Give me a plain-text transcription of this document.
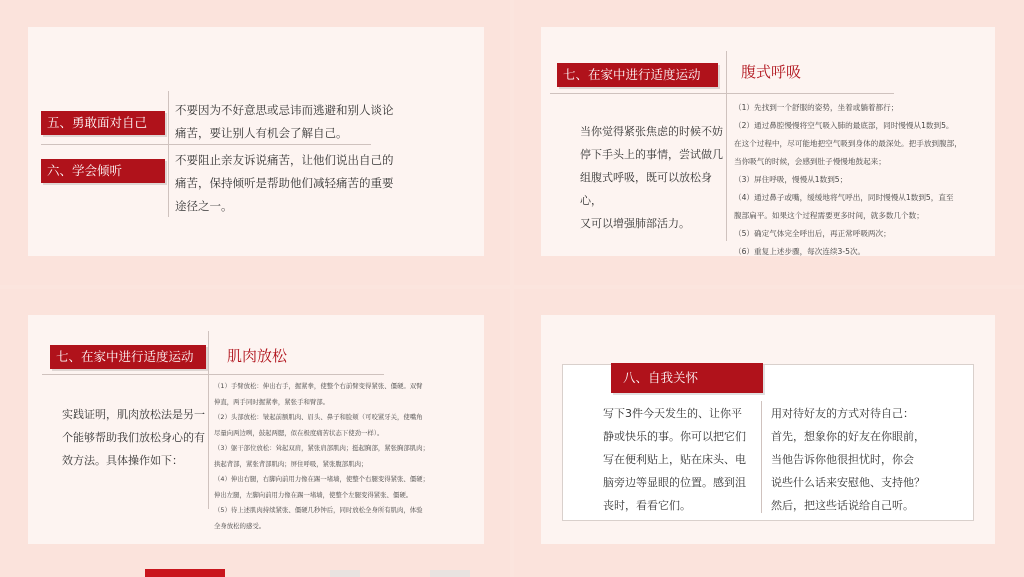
五、勇敢面对自己
六、学会倾听
不要因为不好意思或忌讳而逃避和别人谈论
痛苦，要让别人有机会了解自己。
不要阻止亲友诉说痛苦，让他们说出自己的
痛苦，保持倾听是帮助他们减轻痛苦的重要
途径之一。
七、在家中进行适度运动	腹式呼吸
当你觉得紧张焦虑的时候不妨
停下手头上的事情，尝试做几
组腹式呼吸，既可以放松身心，
又可以增强肺部活力。

（1）先找到一个舒服的姿势，坐着或躺着都行；

（2）通过鼻腔慢慢将空气吸入肺的最底部，同时慢慢从1数到5。

在这个过程中，尽可能地把空气吸到身体的最深处。把手放到腹部，

当你吸气的时候，会感到肚子慢慢地鼓起来；

（3）屏住呼吸，慢慢从1数到5；

（4）通过鼻子或嘴，缓缓地将气呼出，同时慢慢从1数到5，直至

腹部扁平。如果这个过程需要更多时间，就多数几个数；

（5）确定气体完全呼出后，再正常呼吸两次；

（6）重复上述步骤，每次连续3-5次。

七、在家中进行适度运动	肌肉放松
实践证明，肌肉放松法是另一
个能够帮助我们放松身心的有
效方法。具体操作如下：

（1）手臂放松：伸出右手，握紧拳，使整个右前臂变得紧张、僵硬。双臂

伸直，两手同时握紧拳，紧张手和臂部。

（2）头部放松：皱起前额肌肉、眉头、鼻子和脸颊（可咬紧牙关，使嘴角

尽量向两边咧，鼓起两腮，似在极度痛苦状态下使劲一样）。

（3）躯干部位放松：耸起双肩，紧张肩部肌肉；挺起胸部，紧张胸部肌肉；

拱起背部，紧张背部肌肉；屏住呼吸，紧张腹部肌肉；

（4）伸出右腿，右脚向前用力像在踢一堵墙，使整个右腿变得紧张、僵硬；

伸出左腿，左脚向前用力像在踢一堵墙，使整个左腿变得紧张、僵硬。

（5）待上述肌肉持续紧张、僵硬几秒钟后，同时放松全身所有肌肉，体验

全身放松的感受。

八、自我关怀
写下3件今天发生的、让你平
静或快乐的事。你可以把它们
写在便利贴上，贴在床头、电
脑旁边等显眼的位置。感到沮
丧时，看看它们。
用对待好友的方式对待自己：
首先，想象你的好友在你眼前，
当他告诉你他很担忧时，你会
说些什么话来安慰他、支持他？
然后，把这些话说给自己听。
